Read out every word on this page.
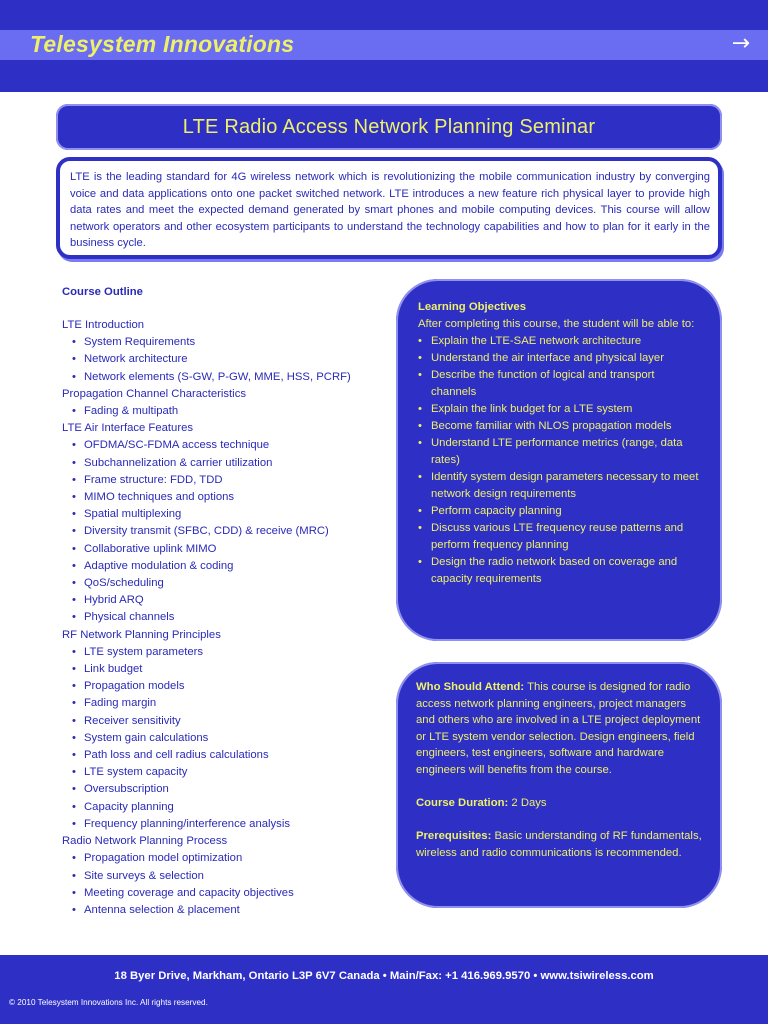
Telesystem Innovations	→
LTE Radio Access Network Planning Seminar

LTE is the leading standard for 4G wireless network which is revolutionizing the mobile communication industry by converging voice and data applications onto one packet switched network. LTE introduces a new feature rich physical layer to provide high data rates and meet the expected demand generated by smart phones and mobile computing devices. This course will allow network operators and other ecosystem participants to understand the technology capabilities and how to plan for it early in the business cycle.

Course Outline
LTE Introduction
• System Requirements
• Network architecture
• Network elements (S-GW, P-GW, MME, HSS, PCRF)
Propagation Channel Characteristics
• Fading & multipath
LTE Air Interface Features
• OFDMA/SC-FDMA access technique
• Subchannelization & carrier utilization
• Frame structure: FDD, TDD
• MIMO techniques and options
• Spatial multiplexing
• Diversity transmit (SFBC, CDD) & receive (MRC)
• Collaborative uplink MIMO
• Adaptive modulation & coding
• QoS/scheduling
• Hybrid ARQ
• Physical channels
RF Network Planning Principles
• LTE system parameters
• Link budget
• Propagation models
• Fading margin
• Receiver sensitivity
• System gain calculations
• Path loss and cell radius calculations
• LTE system capacity
• Oversubscription
• Capacity planning
• Frequency planning/interference analysis
Radio Network Planning Process
• Propagation model optimization
• Site surveys & selection
• Meeting coverage and capacity objectives
• Antenna selection & placement
Learning Objectives
After completing this course, the student will be able to:
• Explain the LTE-SAE network architecture
• Understand the air interface and physical layer
• Describe the function of logical and transport channels
• Explain the link budget for a LTE system
• Become familiar with NLOS propagation models
• Understand LTE performance metrics (range, data rates)
• Identify system design parameters necessary to meet network design requirements
• Perform capacity planning
• Discuss various LTE frequency reuse patterns and perform frequency planning
• Design the radio network based on coverage and capacity requirements

Who Should Attend: This course is designed for radio access network planning engineers, project managers and others who are involved in a LTE project deployment or LTE system vendor selection. Design engineers, field engineers, test engineers, software and hardware engineers will benefits from the course.

Course Duration: 2 Days

Prerequisites: Basic understanding of RF fundamentals, wireless and radio communications is recommended.

18 Byer Drive, Markham, Ontario L3P 6V7 Canada • Main/Fax: +1 416.969.9570 • www.tsiwireless.com
© 2010 Telesystem Innovations Inc. All rights reserved.
